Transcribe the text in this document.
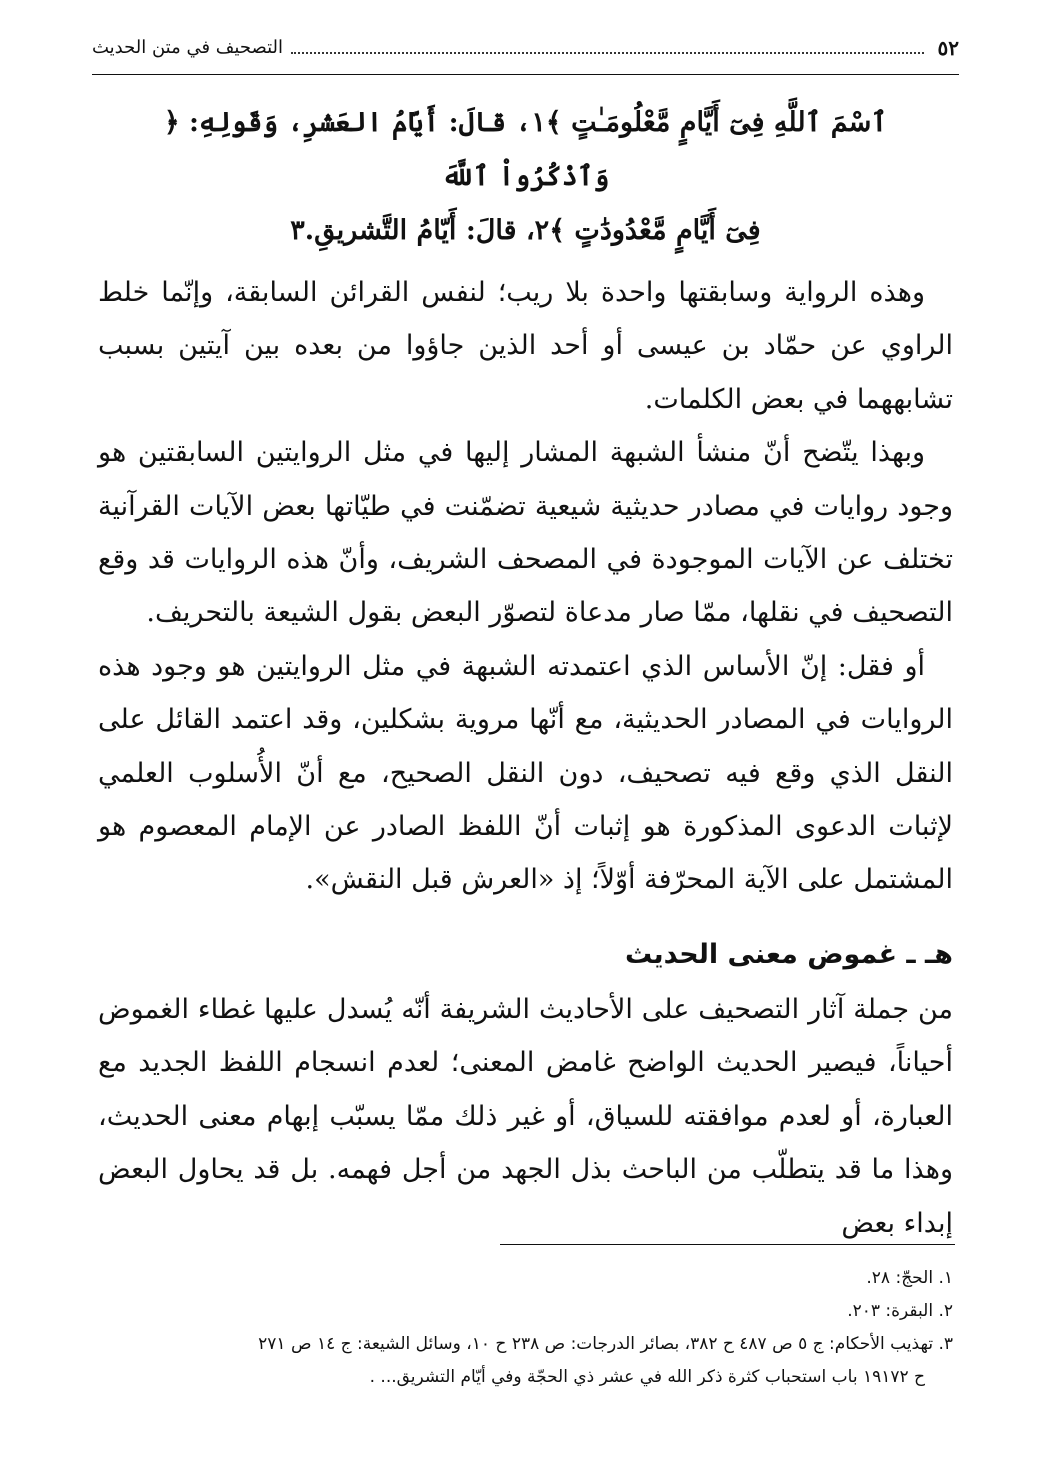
٥٢
التصحيف في متن الحديث
ٱسْمَ ٱللَّهِ فِىٓ أَيَّامٍ مَّعْلُومَـٰتٍ ﴾١، قالَ: أَيّامُ العَشرِ، وَقَولِهِ: ﴿ وَٱذْكُرُواْ ٱللَّهَ
فِىٓ أَيَّامٍ مَّعْدُودَٰتٍ ﴾٢، قالَ: أَيّامُ التَّشريقِ.٣

وهذه الرواية وسابقتها واحدة بلا ريب؛ لنفس القرائن السابقة، وإنّما خلط الراوي عن حمّاد بن عيسى أو أحد الذين جاؤوا من بعده بين آيتين بسبب تشابههما في بعض الكلمات.

وبهذا يتّضح أنّ منشأ الشبهة المشار إليها في مثل الروايتين السابقتين هو وجود روايات في مصادر حديثية شيعية تضمّنت في طيّاتها بعض الآيات القرآنية تختلف عن الآيات الموجودة في المصحف الشريف، وأنّ هذه الروايات قد وقع التصحيف في نقلها، ممّا صار مدعاة لتصوّر البعض بقول الشيعة بالتحريف.

أو فقل: إنّ الأساس الذي اعتمدته الشبهة في مثل الروايتين هو وجود هذه الروايات في المصادر الحديثية، مع أنّها مروية بشكلين، وقد اعتمد القائل على النقل الذي وقع فيه تصحيف، دون النقل الصحيح، مع أنّ الأُسلوب العلمي لإثبات الدعوى المذكورة هو إثبات أنّ اللفظ الصادر عن الإمام المعصوم هو المشتمل على الآية المحرّفة أوّلاً؛ إذ «العرش قبل النقش».

هـ ـ غموض معنى الحديث

من جملة آثار التصحيف على الأحاديث الشريفة أنّه يُسدل عليها غطاء الغموض أحياناً، فيصير الحديث الواضح غامض المعنى؛ لعدم انسجام اللفظ الجديد مع العبارة، أو لعدم موافقته للسياق، أو غير ذلك ممّا يسبّب إبهام معنى الحديث، وهذا ما قد يتطلّب من الباحث بذل الجهد من أجل فهمه. بل قد يحاول البعض إبداء بعض

١. الحجّ: ٢٨.

٢. البقرة: ٢٠٣.

٣. تهذيب الأحكام: ج ٥ ص ٤٨٧ ح ٣٨٢، بصائر الدرجات: ص ٢٣٨ ح ١٠، وسائل الشيعة: ج ١٤ ص ٢٧١

ح ١٩١٧٢ باب استحباب كثرة ذكر الله في عشر ذي الحجّة وفي أيّام التشريق... .
